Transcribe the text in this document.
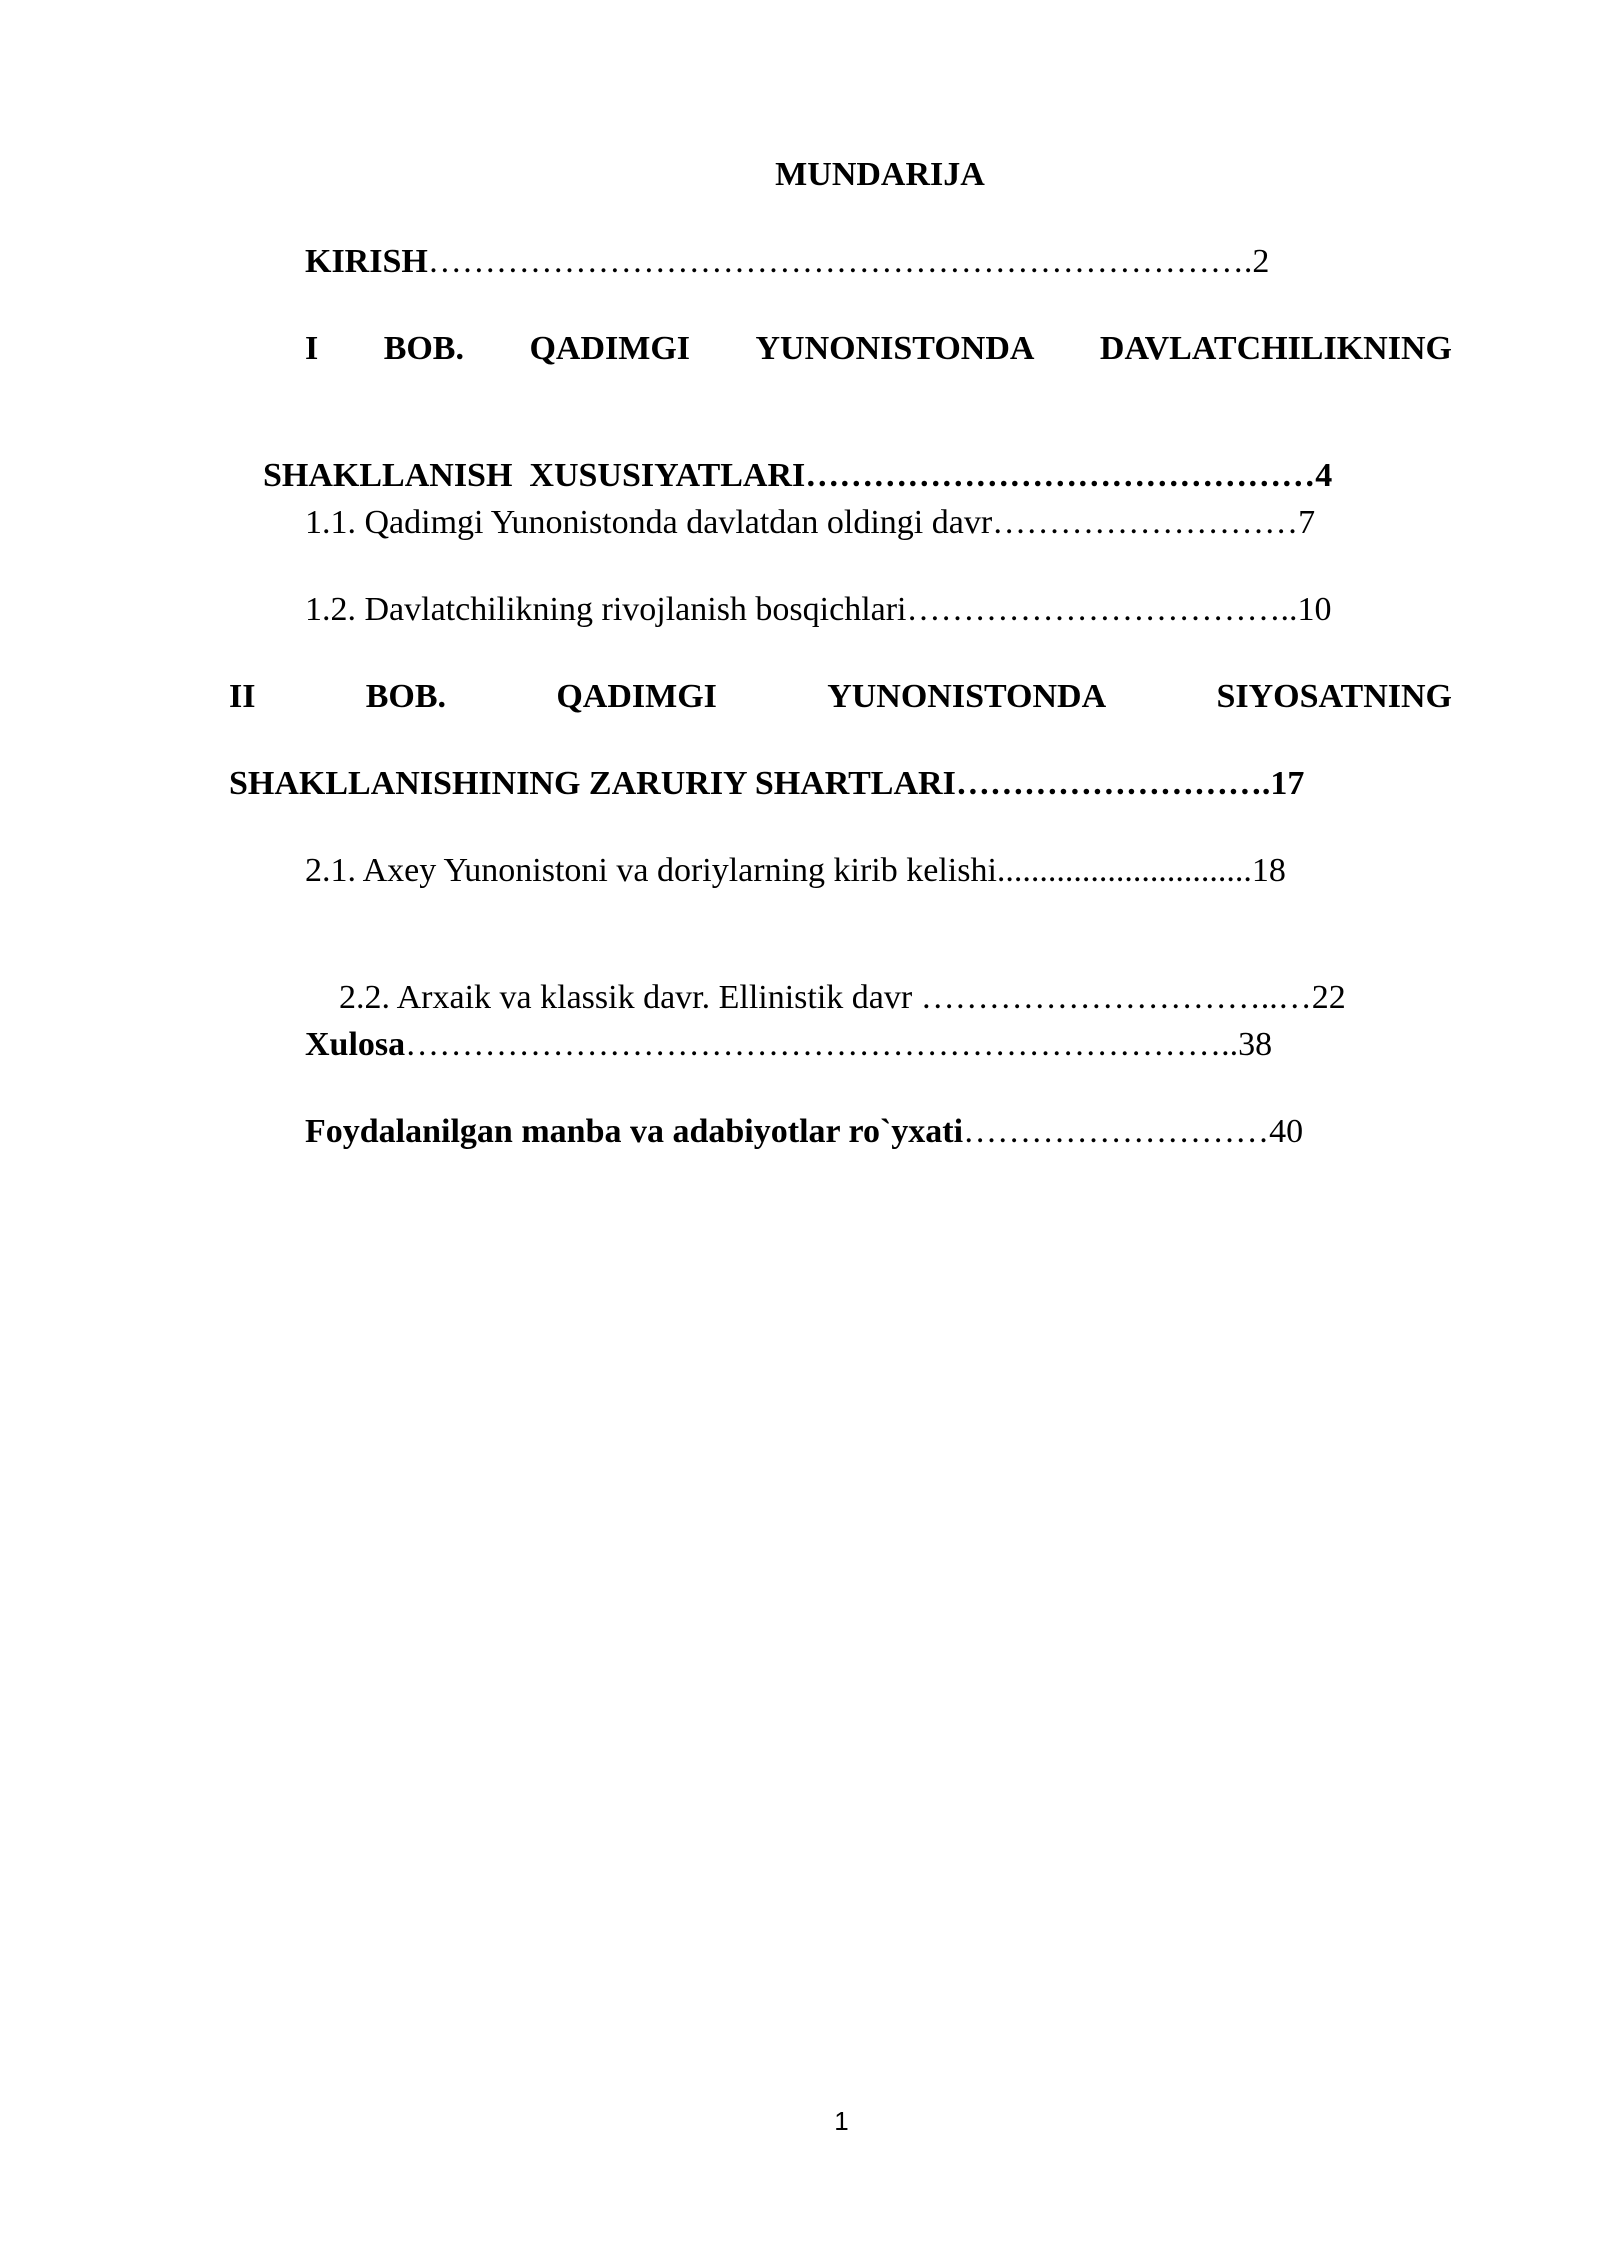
MUNDARIJA
KIRISH……………………………………………………………….2
I BOB. QADIMGI YUNONISTONDA DAVLATCHILIKNING

SHAKLLANISH  XUSUSIYATLARI………………………………………4

1.1. Qadimgi Yunonistonda davlatdan oldingi davr………………………7
1.2. Davlatchilikning rivojlanish bosqichlari……………………………..10
II	BOB.	QADIMGI	YUNONISTONDA	SIYOSATNING
SHAKLLANISHINING ZARURIY SHARTLARI……………………….17
2.1. Axey Yunonistoni va doriylarning kirib kelishi..............................18

2.2. Arxaik va klassik davr. Ellinistik davr …………………………..…22

Xulosa………………………………………………………………..38
Foydalanilgan manba va adabiyotlar ro`yxati………………………40
1
